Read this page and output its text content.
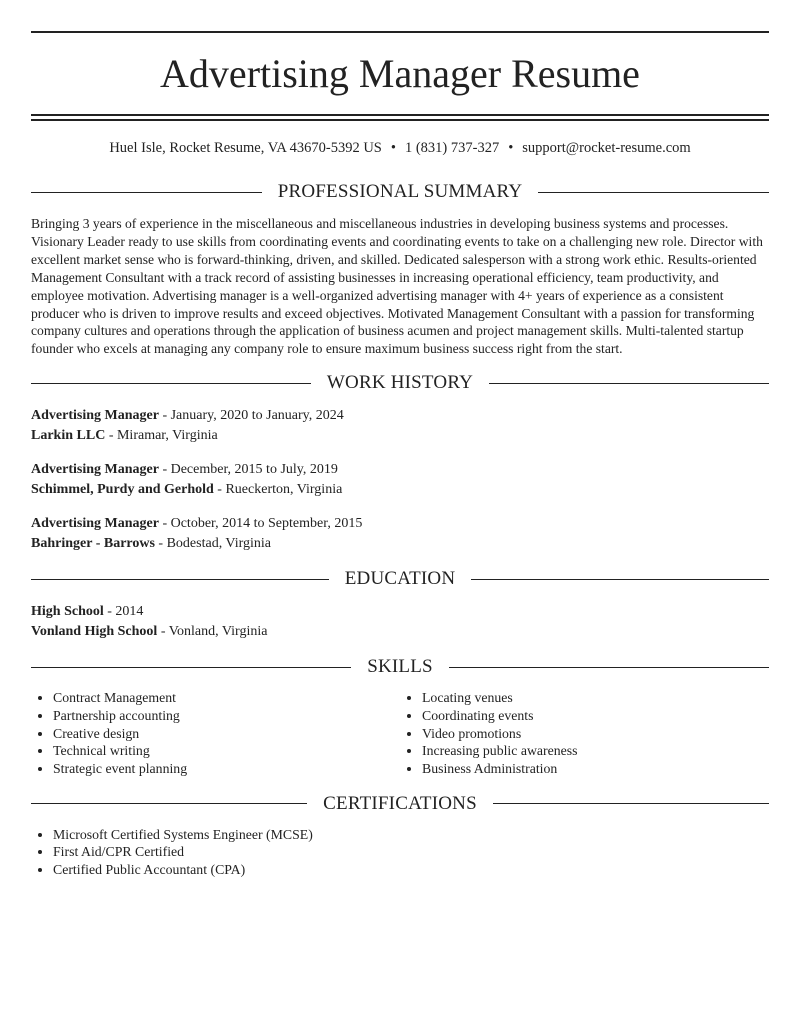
Advertising Manager Resume
Huel Isle, Rocket Resume, VA 43670-5392 US • 1 (831) 737-327 • support@rocket-resume.com
PROFESSIONAL SUMMARY
Bringing 3 years of experience in the miscellaneous and miscellaneous industries in developing business systems and processes. Visionary Leader ready to use skills from coordinating events and coordinating events to take on a challenging new role. Director with excellent market sense who is forward-thinking, driven, and skilled. Dedicated salesperson with a strong work ethic. Results-oriented Management Consultant with a track record of assisting businesses in increasing operational efficiency, team productivity, and employee motivation. Advertising manager is a well-organized advertising manager with 4+ years of experience as a consistent producer who is driven to improve results and exceed objectives. Motivated Management Consultant with a passion for transforming company cultures and operations through the application of business acumen and project management skills. Multi-talented startup founder who excels at managing any company role to ensure maximum business success right from the start.
WORK HISTORY
Advertising Manager - January, 2020 to January, 2024
Larkin LLC - Miramar, Virginia
Advertising Manager - December, 2015 to July, 2019
Schimmel, Purdy and Gerhold - Rueckerton, Virginia
Advertising Manager - October, 2014 to September, 2015
Bahringer - Barrows - Bodestad, Virginia
EDUCATION
High School - 2014
Vonland High School - Vonland, Virginia
SKILLS
• Contract Management
• Partnership accounting
• Creative design
• Technical writing
• Strategic event planning
• Locating venues
• Coordinating events
• Video promotions
• Increasing public awareness
• Business Administration
CERTIFICATIONS
• Microsoft Certified Systems Engineer (MCSE)
• First Aid/CPR Certified
• Certified Public Accountant (CPA)
